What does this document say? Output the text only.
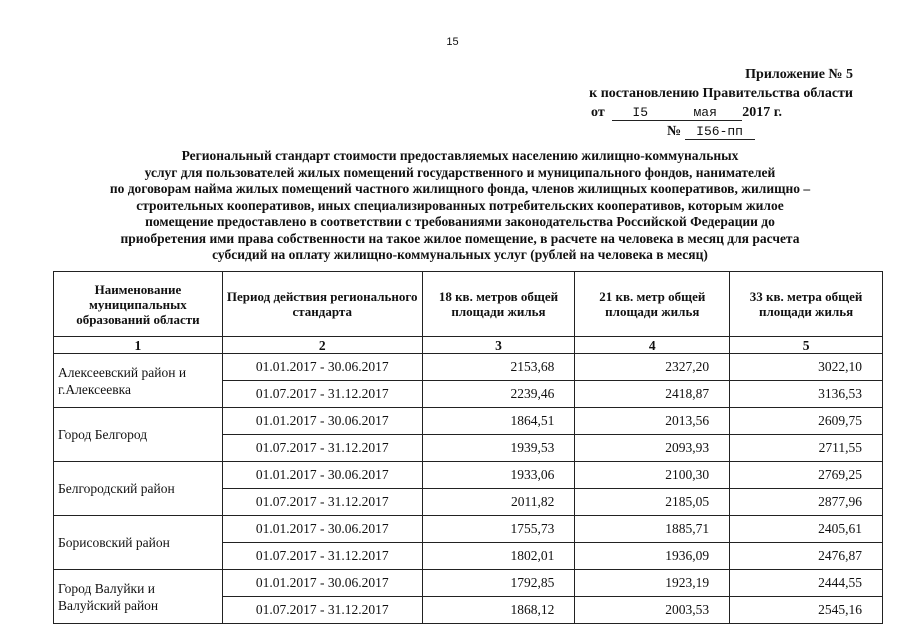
15
Приложение № 5
к постановлению Правительства области
от I5	мая 2017 г.
№ I56-пп
Региональный стандарт стоимости предоставляемых населению жилищно-коммунальных
услуг для пользователей жилых помещений государственного и муниципального фондов, нанимателей
по договорам найма жилых помещений частного жилищного фонда, членов жилищных кооперативов, жилищно –
строительных кооперативов, иных специализированных потребительских кооперативов, которым жилое
помещение предоставлено в соответствии с требованиями законодательства Российской Федерации до
приобретения ими права собственности на такое жилое помещение, в расчете на человека в месяц для расчета
субсидий на оплату жилищно-коммунальных услуг (рублей на человека в месяц)
Наименование муниципальных образований области	Период действия регионального стандарта	18 кв. метров общей площади жилья	21 кв. метр общей площади жилья	33 кв. метра общей площади жилья
1	2	3	4	5
Алексеевский район и г.Алексеевка	01.01.2017 - 30.06.2017	2153,68	2327,20	3022,10
	01.07.2017 - 31.12.2017	2239,46	2418,87	3136,53
Город Белгород	01.01.2017 - 30.06.2017	1864,51	2013,56	2609,75
	01.07.2017 - 31.12.2017	1939,53	2093,93	2711,55
Белгородский район	01.01.2017 - 30.06.2017	1933,06	2100,30	2769,25
	01.07.2017 - 31.12.2017	2011,82	2185,05	2877,96
Борисовский район	01.01.2017 - 30.06.2017	1755,73	1885,71	2405,61
	01.07.2017 - 31.12.2017	1802,01	1936,09	2476,87
Город Валуйки и Валуйский район	01.01.2017 - 30.06.2017	1792,85	1923,19	2444,55
	01.07.2017 - 31.12.2017	1868,12	2003,53	2545,16
